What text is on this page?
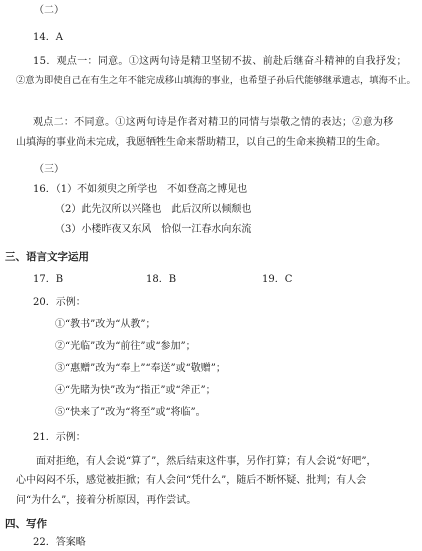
（二）
14．A
15．观点一：同意。①这两句诗是精卫坚韧不拔、前赴后继奋斗精神的自我抒发；
②意为即使自己在有生之年不能完成移山填海的事业，也希望子孙后代能够继承遗志，填海不止。
观点二：不同意。①这两句诗是作者对精卫的同情与崇敬之情的表达；②意为移
山填海的事业尚未完成，我愿牺牲生命来帮助精卫，以自己的生命来换精卫的生命。
（三）
16．（1）不如须臾之所学也　不如登高之博见也
（2）此先汉所以兴隆也　此后汉所以倾颓也
（3）小楼昨夜又东风　恰似一江春水向东流
三、语言文字运用
17．B	18．B	19．C
20．示例：
①“教书”改为“从教”；
②“光临”改为“前往”或“参加”；
③“惠赠”改为“奉上”“奉送”或“敬赠”；
④“先睹为快”改为“指正”或“斧正”；
⑤“快来了”改为“将至”或“将临”。
21．示例：
面对拒绝，有人会说“算了”，然后结束这件事，另作打算；有人会说“好吧”，
心中闷闷不乐，感觉被拒掀；有人会问“凭什么”，随后不断怀疑、批判；有人会
问“为什么”，接着分析原因，再作尝试。
四、写作
22．答案略
